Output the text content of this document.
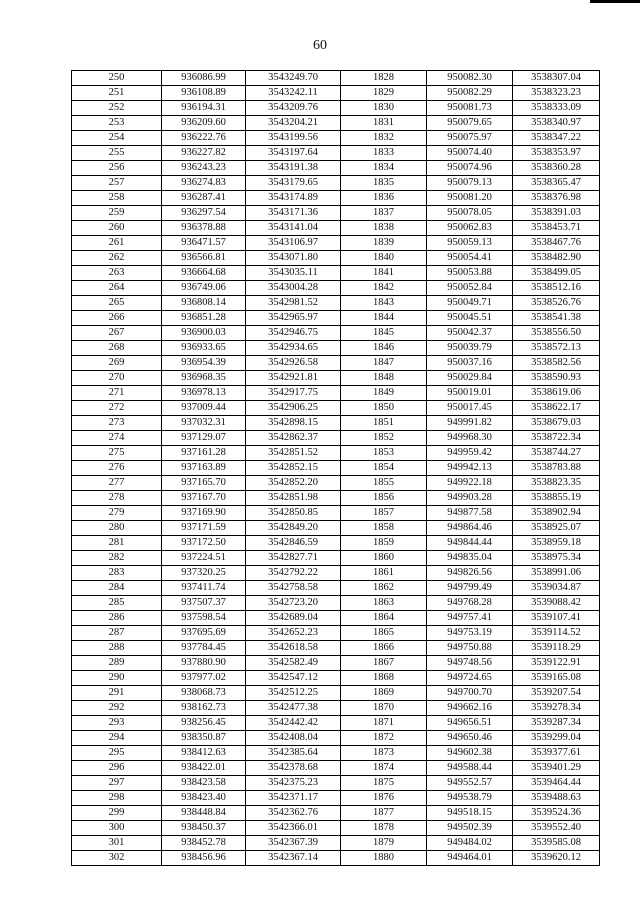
60
250	936086.99	3543249.70	1828	950082.30	3538307.04
251	936108.89	3543242.11	1829	950082.29	3538323.23
252	936194.31	3543209.76	1830	950081.73	3538333.09
253	936209.60	3543204.21	1831	950079.65	3538340.97
254	936222.76	3543199.56	1832	950075.97	3538347.22
255	936227.82	3543197.64	1833	950074.40	3538353.97
256	936243.23	3543191.38	1834	950074.96	3538360.28
257	936274.83	3543179.65	1835	950079.13	3538365.47
258	936287.41	3543174.89	1836	950081.20	3538376.98
259	936297.54	3543171.36	1837	950078.05	3538391.03
260	936378.88	3543141.04	1838	950062.83	3538453.71
261	936471.57	3543106.97	1839	950059.13	3538467.76
262	936566.81	3543071.80	1840	950054.41	3538482.90
263	936664.68	3543035.11	1841	950053.88	3538499.05
264	936749.06	3543004.28	1842	950052.84	3538512.16
265	936808.14	3542981.52	1843	950049.71	3538526.76
266	936851.28	3542965.97	1844	950045.51	3538541.38
267	936900.03	3542946.75	1845	950042.37	3538556.50
268	936933.65	3542934.65	1846	950039.79	3538572.13
269	936954.39	3542926.58	1847	950037.16	3538582.56
270	936968.35	3542921.81	1848	950029.84	3538590.93
271	936978.13	3542917.75	1849	950019.01	3538619.06
272	937009.44	3542906.25	1850	950017.45	3538622.17
273	937032.31	3542898.15	1851	949991.82	3538679.03
274	937129.07	3542862.37	1852	949968.30	3538722.34
275	937161.28	3542851.52	1853	949959.42	3538744.27
276	937163.89	3542852.15	1854	949942.13	3538783.88
277	937165.70	3542852.20	1855	949922.18	3538823.35
278	937167.70	3542851.98	1856	949903.28	3538855.19
279	937169.90	3542850.85	1857	949877.58	3538902.94
280	937171.59	3542849.20	1858	949864.46	3538925.07
281	937172.50	3542846.59	1859	949844.44	3538959.18
282	937224.51	3542827.71	1860	949835.04	3538975.34
283	937320.25	3542792.22	1861	949826.56	3538991.06
284	937411.74	3542758.58	1862	949799.49	3539034.87
285	937507.37	3542723.20	1863	949768.28	3539088.42
286	937598.54	3542689.04	1864	949757.41	3539107.41
287	937695.69	3542652.23	1865	949753.19	3539114.52
288	937784.45	3542618.58	1866	949750.88	3539118.29
289	937880.90	3542582.49	1867	949748.56	3539122.91
290	937977.02	3542547.12	1868	949724.65	3539165.08
291	938068.73	3542512.25	1869	949700.70	3539207.54
292	938162.73	3542477.38	1870	949662.16	3539278.34
293	938256.45	3542442.42	1871	949656.51	3539287.34
294	938350.87	3542408.04	1872	949650.46	3539299.04
295	938412.63	3542385.64	1873	949602.38	3539377.61
296	938422.01	3542378.68	1874	949588.44	3539401.29
297	938423.58	3542375.23	1875	949552.57	3539464.44
298	938423.40	3542371.17	1876	949538.79	3539488.63
299	938448.84	3542362.76	1877	949518.15	3539524.36
300	938450.37	3542366.01	1878	949502.39	3539552.40
301	938452.78	3542367.39	1879	949484.02	3539585.08
302	938456.96	3542367.14	1880	949464.01	3539620.12
